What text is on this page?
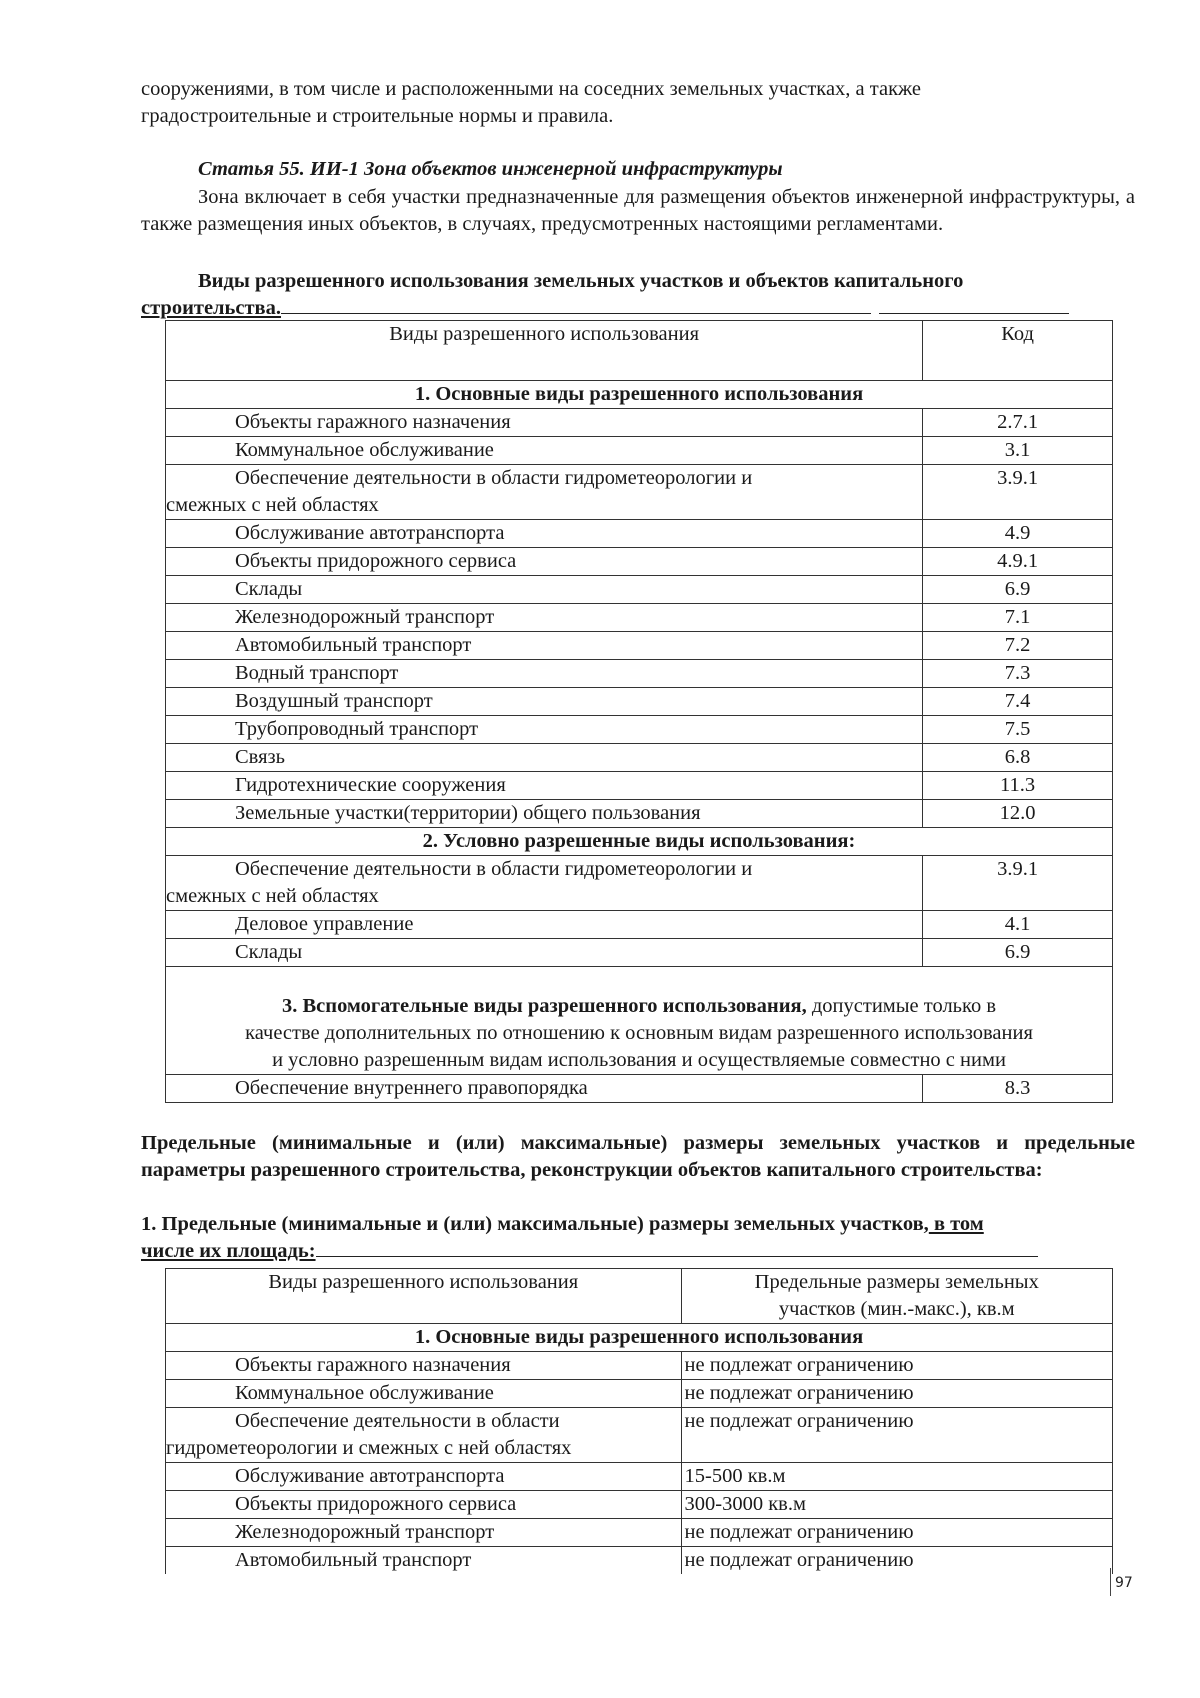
сооружениями, в том числе и расположенными на соседних земельных участках, а также
градостроительные и строительные нормы и правила.

Статья 55. ИИ-1 Зона объектов инженерной инфраструктуры

Зона включает в себя участки предназначенные для размещения объектов инженерной инфраструктуры, а также размещения иных объектов, в случаях, предусмотренных настоящими регламентами.

Виды разрешенного использования земельных участков и объектов капитального

строительства.

Виды разрешенного использования	Код
1. Основные виды разрешенного использования	
Объекты гаражного назначения	2.7.1
Коммунальное обслуживание	3.1

Обеспечение деятельности в области гидрометеорологии и
смежных с ней областях	3.9.1
Обслуживание автотранспорта	4.9
Объекты придорожного сервиса	4.9.1
Склады	6.9
Железнодорожный транспорт	7.1
Автомобильный транспорт	7.2
Водный транспорт	7.3
Воздушный транспорт	7.4
Трубопроводный транспорт	7.5
Связь	6.8
Гидротехнические сооружения	11.3
Земельные участки(территории) общего пользования	12.0
2. Условно разрешенные виды использования:	

Обеспечение деятельности в области гидрометеорологии и
смежных с ней областях	3.9.1
Деловое управление	4.1
Склады	6.9
3. Вспомогательные виды разрешенного использования, допустимые только в
качестве дополнительных по отношению к основным видам разрешенного использования
и условно разрешенным видам использования и осуществляемые совместно с ними	
Обеспечение внутреннего правопорядка	8.3

Предельные (минимальные и (или) максимальные) размеры земельных участков и предельные параметры разрешенного строительства, реконструкции объектов капитального строительства:

1. Предельные (минимальные и (или) максимальные) размеры земельных участков, в том
числе их площадь:

Виды разрешенного использования	Предельные размеры земельных
участков (мин.-макс.), кв.м
1. Основные виды разрешенного использования	
Объекты гаражного назначения	не подлежат ограничению
Коммунальное обслуживание	не подлежат ограничению

Обеспечение деятельности в области
гидрометеорологии и смежных с ней областях	не подлежат ограничению
Обслуживание автотранспорта	15-500 кв.м
Объекты придорожного сервиса	300-3000 кв.м
Железнодорожный транспорт	не подлежат ограничению
Автомобильный транспорт	не подлежат ограничению
97
